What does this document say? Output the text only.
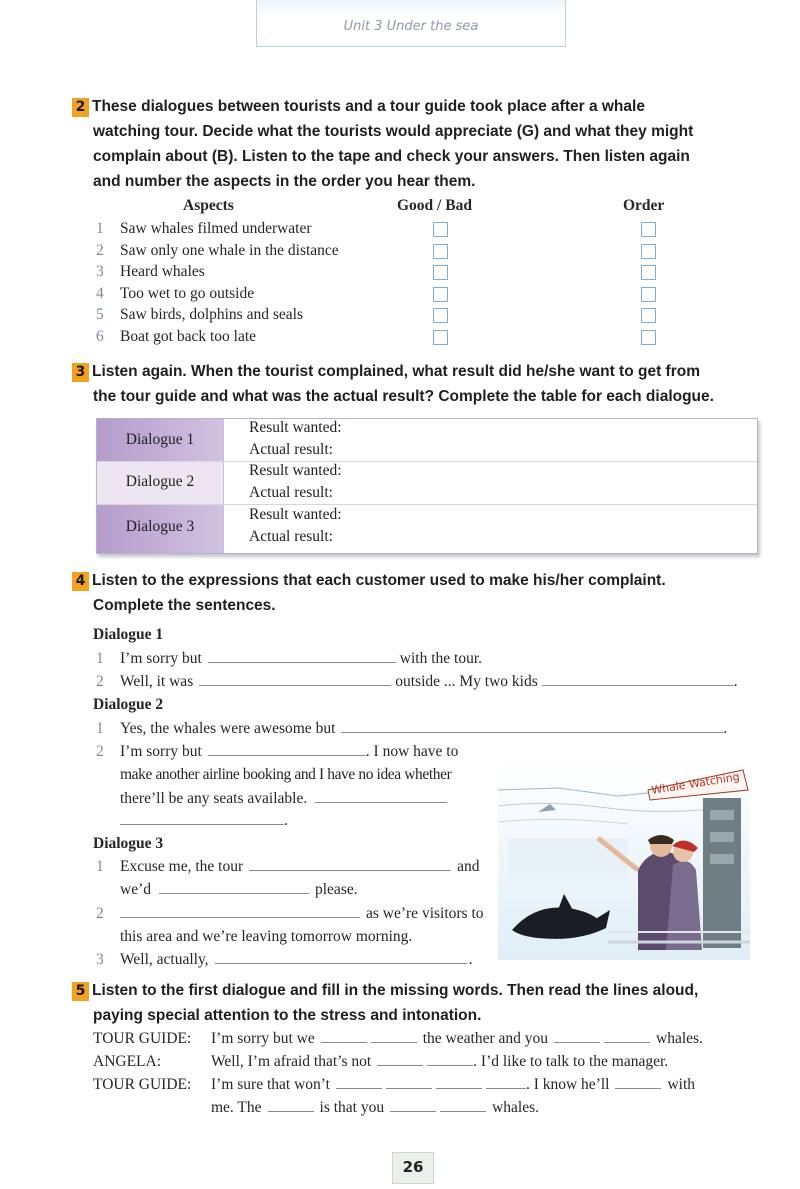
Unit 3 Under the sea
2 These dialogues between tourists and a tour guide took place after a whale
watching tour. Decide what the tourists would appreciate (G) and what they might
complain about (B). Listen to the tape and check your answers. Then listen again
and number the aspects in the order you hear them.
Aspects	Good / Bad	Order
1 Saw whales filmed underwater
2 Saw only one whale in the distance
3 Heard whales
4 Too wet to go outside
5 Saw birds, dolphins and seals
6 Boat got back too late
3 Listen again. When the tourist complained, what result did he/she want to get from
the tour guide and what was the actual result? Complete the table for each dialogue.
Dialogue 1
Result wanted:
Actual result:
Dialogue 2
Result wanted:
Actual result:
Dialogue 3
Result wanted:
Actual result:
4 Listen to the expressions that each customer used to make his/her complaint.
Complete the sentences.
Dialogue 1
1 I’m sorry but	with the tour.
2 Well, it was	outside ... My two kids	.
Dialogue 2
1 Yes, the whales were awesome but	.
2 I’m sorry but	. I now have to
make another airline booking and I have no idea whether
there’ll be any seats available.
.
Dialogue 3
1 Excuse me, the tour	and
we’d	please.
2	as we’re visitors to
this area and we’re leaving tomorrow morning.
3 Well, actually,	.
Whale Watching
5 Listen to the first dialogue and fill in the missing words. Then read the lines aloud,
paying special attention to the stress and intonation.
TOUR GUIDE: I’m sorry but we	the weather and you	whales.
ANGELA:	Well, I’m afraid that’s not	. I’d like to talk to the manager.
TOUR GUIDE: I’m sure that won’t	. I know he’ll	with
me. The	is that you	whales.
26
